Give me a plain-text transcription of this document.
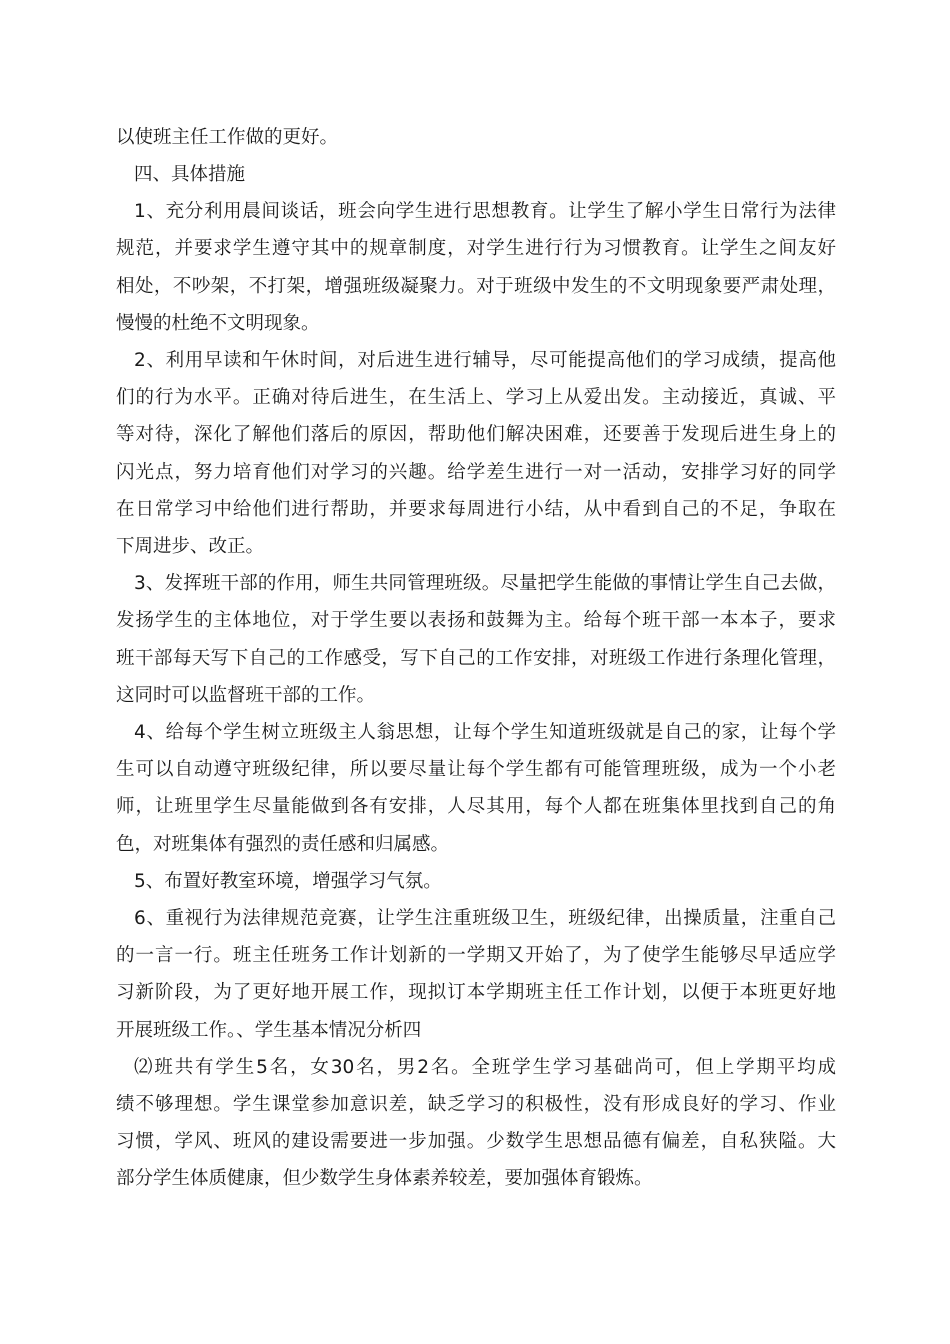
以使班主任工作做的更好。
四、具体措施
1、充分利用晨间谈话，班会向学生进行思想教育。让学生了解小学生日常行为法律
规范，并要求学生遵守其中的规章制度，对学生进行行为习惯教育。让学生之间友好
相处，不吵架，不打架，增强班级凝聚力。对于班级中发生的不文明现象要严肃处理，
慢慢的杜绝不文明现象。
2、利用早读和午休时间，对后进生进行辅导，尽可能提高他们的学习成绩，提高他
们的行为水平。正确对待后进生，在生活上、学习上从爱出发。主动接近，真诚、平
等对待，深化了解他们落后的原因，帮助他们解决困难，还要善于发现后进生身上的
闪光点，努力培育他们对学习的兴趣。给学差生进行一对一活动，安排学习好的同学
在日常学习中给他们进行帮助，并要求每周进行小结，从中看到自己的不足，争取在
下周进步、改正。
3、发挥班干部的作用，师生共同管理班级。尽量把学生能做的事情让学生自己去做，
发扬学生的主体地位，对于学生要以表扬和鼓舞为主。给每个班干部一本本子，要求
班干部每天写下自己的工作感受，写下自己的工作安排，对班级工作进行条理化管理，
这同时可以监督班干部的工作。
4、给每个学生树立班级主人翁思想，让每个学生知道班级就是自己的家，让每个学
生可以自动遵守班级纪律，所以要尽量让每个学生都有可能管理班级，成为一个小老
师，让班里学生尽量能做到各有安排，人尽其用，每个人都在班集体里找到自己的角
色，对班集体有强烈的责任感和归属感。
5、布置好教室环境，增强学习气氛。
6、重视行为法律规范竞赛，让学生注重班级卫生，班级纪律，出操质量，注重自己
的一言一行。班主任班务工作计划新的一学期又开始了，为了使学生能够尽早适应学
习新阶段，为了更好地开展工作，现拟订本学期班主任工作计划，以便于本班更好地
开展班级工作。、学生基本情况分析四
⑵班共有学生5名，女30名，男2名。全班学生学习基础尚可，但上学期平均成
绩不够理想。学生课堂参加意识差，缺乏学习的积极性，没有形成良好的学习、作业
习惯，学风、班风的建设需要进一步加强。少数学生思想品德有偏差，自私狭隘。大
部分学生体质健康，但少数学生身体素养较差，要加强体育锻炼。
